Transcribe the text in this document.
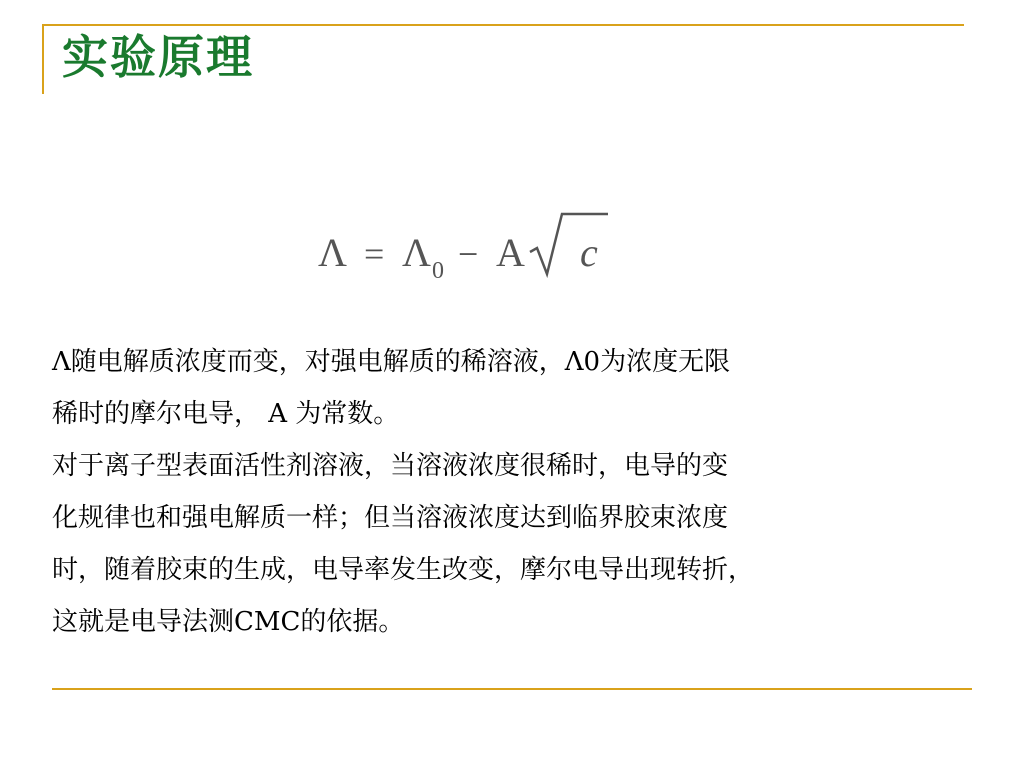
实验原理
Λ = Λ 0 − A c

Λ随电解质浓度而变，对强电解质的稀溶液，Λ0为浓度无限
稀时的摩尔电导， A 为常数。

对于离子型表面活性剂溶液，当溶液浓度很稀时，电导的变
化规律也和强电解质一样；但当溶液浓度达到临界胶束浓度
时，随着胶束的生成，电导率发生改变，摩尔电导出现转折，
这就是电导法测CMC的依据。
